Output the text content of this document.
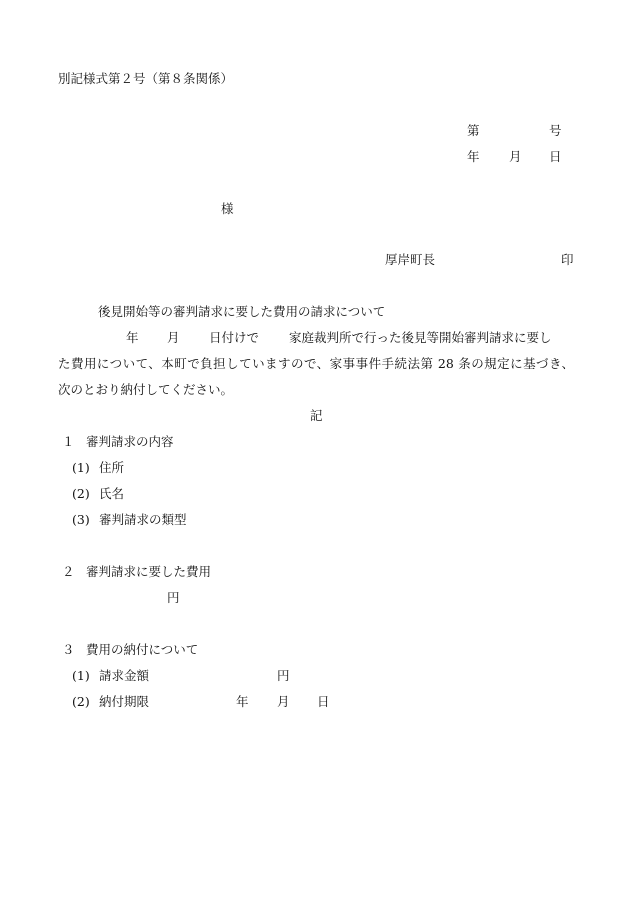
別記様式第２号（第８条関係）
第	号
年 月 日
様
厚岸町長	印
後見開始等の審判請求に要した費用の請求について
年 月 日付けで 家庭裁判所で行った後見等開始審判請求に要し
た費用について、本町で負担していますので、家事事件手続法第 28 条の規定に基づき、
次のとおり納付してください。
記
１ 審判請求の内容
(1) 住所
(2) 氏名
(3) 審判請求の類型
２ 審判請求に要した費用
円
３ 費用の納付について
(1) 請求金額	円
(2) 納付期限	年 月 日
